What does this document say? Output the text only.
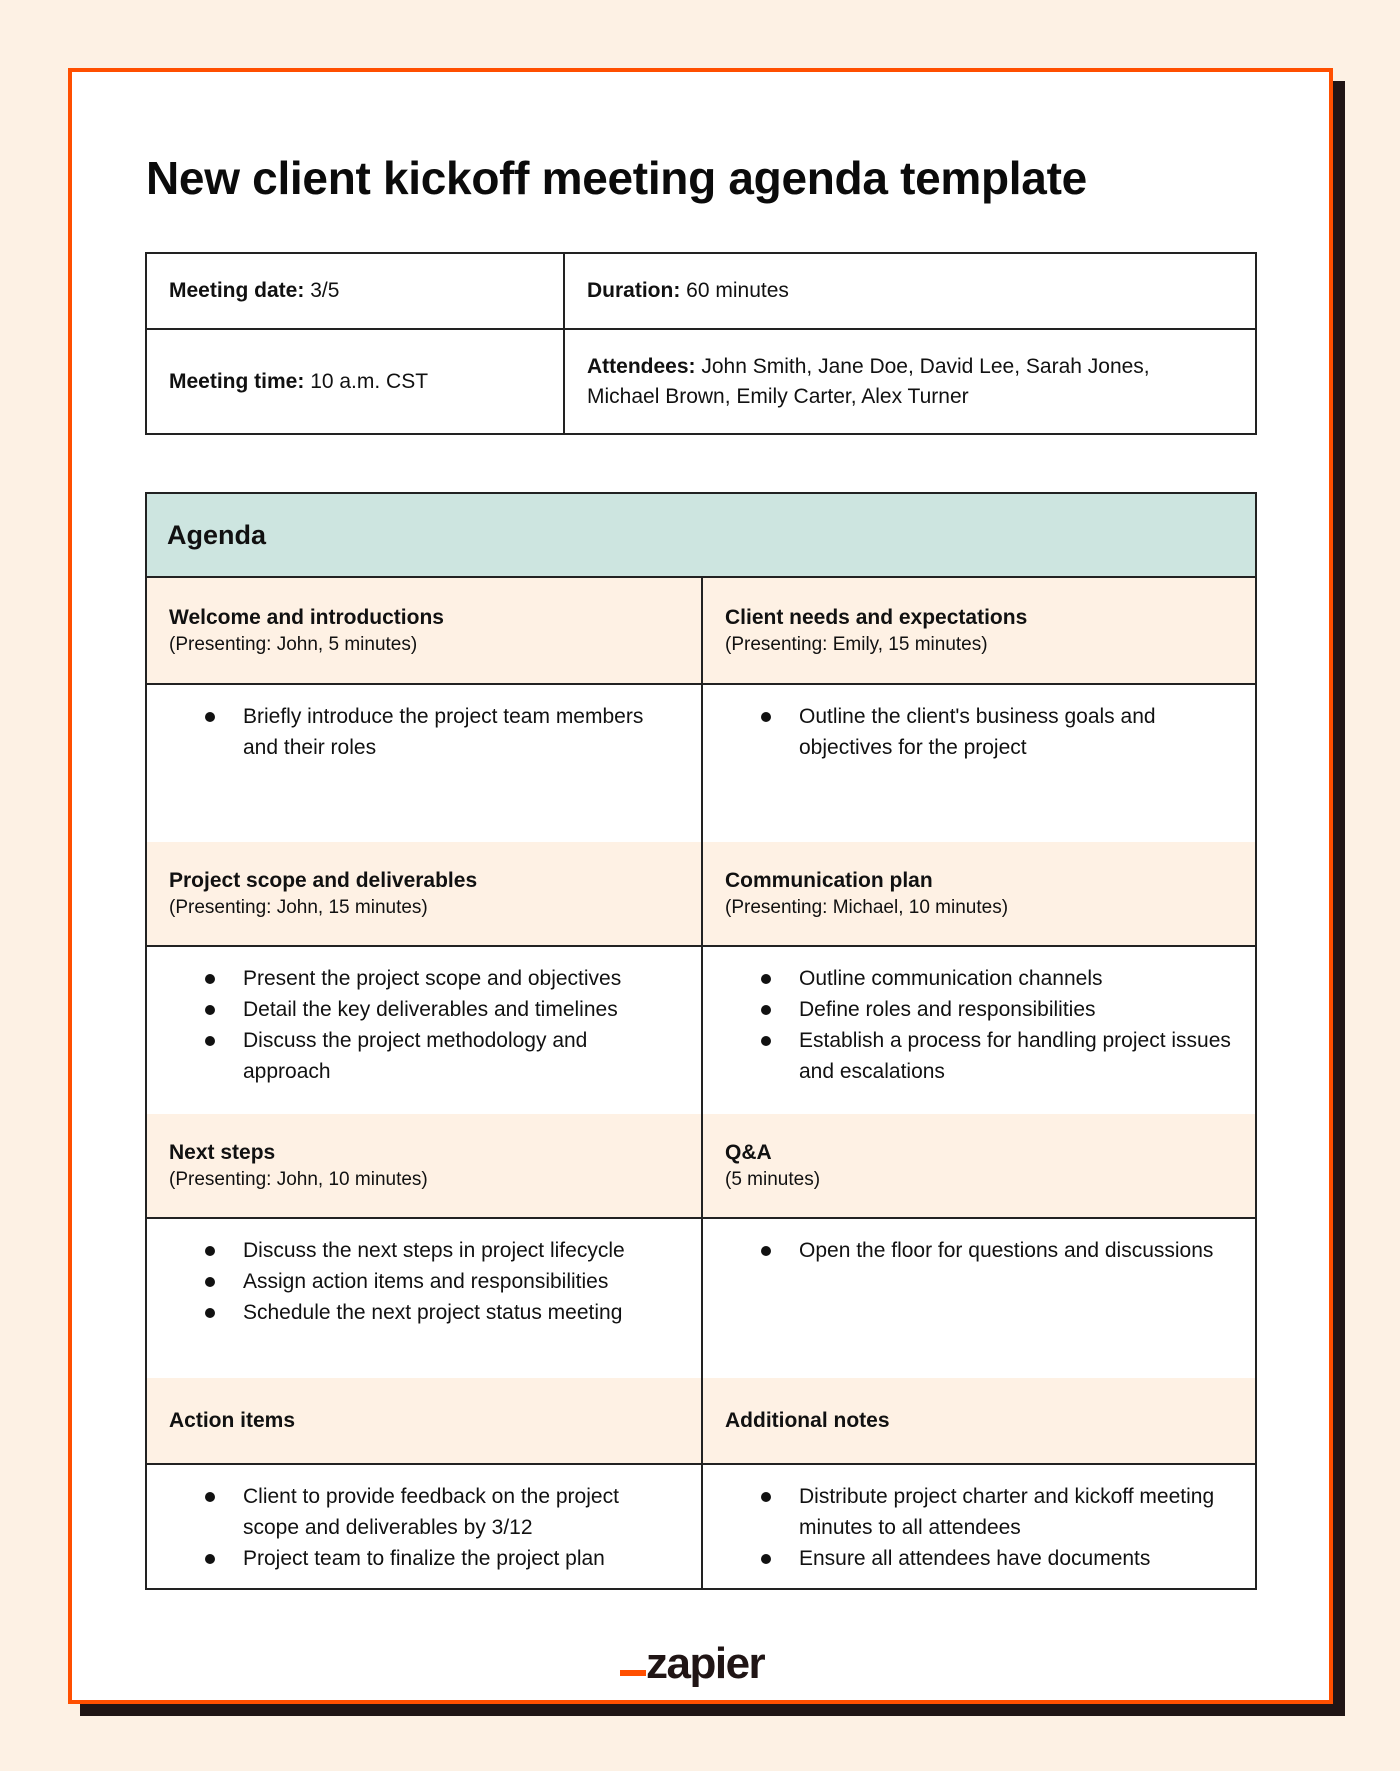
New client kickoff meeting agenda template
Meeting date: 3/5	Duration: 60 minutes
Meeting time: 10 a.m. CST
Attendees: John Smith, Jane Doe, David Lee, Sarah Jones, Michael Brown, Emily Carter, Alex Turner
Agenda
Welcome and introductions
(Presenting: John, 5 minutes)
Client needs and expectations
(Presenting: Emily, 15 minutes)
Briefly introduce the project team members and their roles
Outline the client's business goals and objectives for the project
Project scope and deliverables
(Presenting: John, 15 minutes)
Communication plan
(Presenting: Michael, 10 minutes)
Present the project scope and objectives
Detail the key deliverables and timelines
Discuss the project methodology and approach
Outline communication channels
Define roles and responsibilities
Establish a process for handling project issues and escalations
Next steps
(Presenting: John, 10 minutes)
Q&A
(5 minutes)
Discuss the next steps in project lifecycle
Assign action items and responsibilities
Schedule the next project status meeting
Open the floor for questions and discussions
Action items	Additional notes
Client to provide feedback on the project scope and deliverables by 3/12
Project team to finalize the project plan
Distribute project charter and kickoff meeting minutes to all attendees
Ensure all attendees have documents
zapier
